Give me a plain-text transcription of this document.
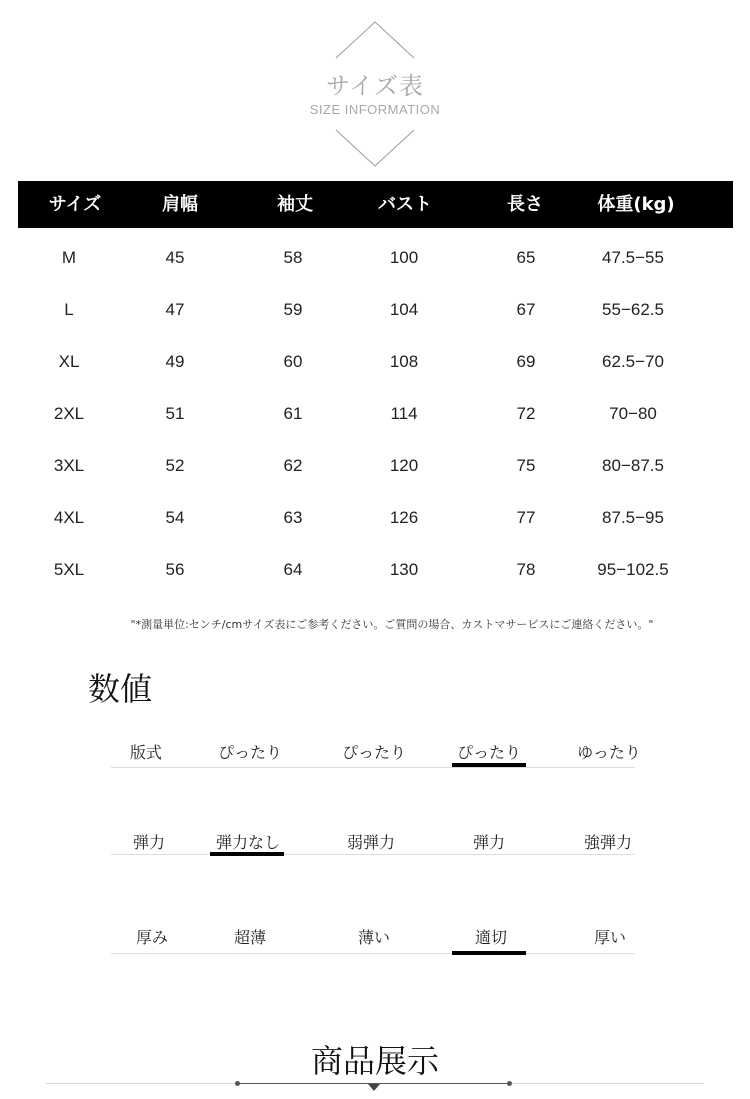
サイズ表
SIZE INFORMATION
サイズ	肩幅	袖丈	バスト	長さ	体重(kg)
M	45	58	100	65	47.5−55
L	47	59	104	67	55−62.5
XL	49	60	108	69	62.5−70
2XL	51	61	114	72	70−80
3XL	52	62	120	75	80−87.5
4XL	54	63	126	77	87.5−95
5XL	56	64	130	78	95−102.5
"*測量単位:センチ/cmサイズ表にご参考ください。ご質問の場合、カストマサービスにご連絡ください。"
数値
版式	ぴったり	ぴったり	ぴったり	ゆったり
弾力	弾力なし	弱弾力	弾力	強弾力
厚み	超薄	薄い	適切	厚い
商品展示
